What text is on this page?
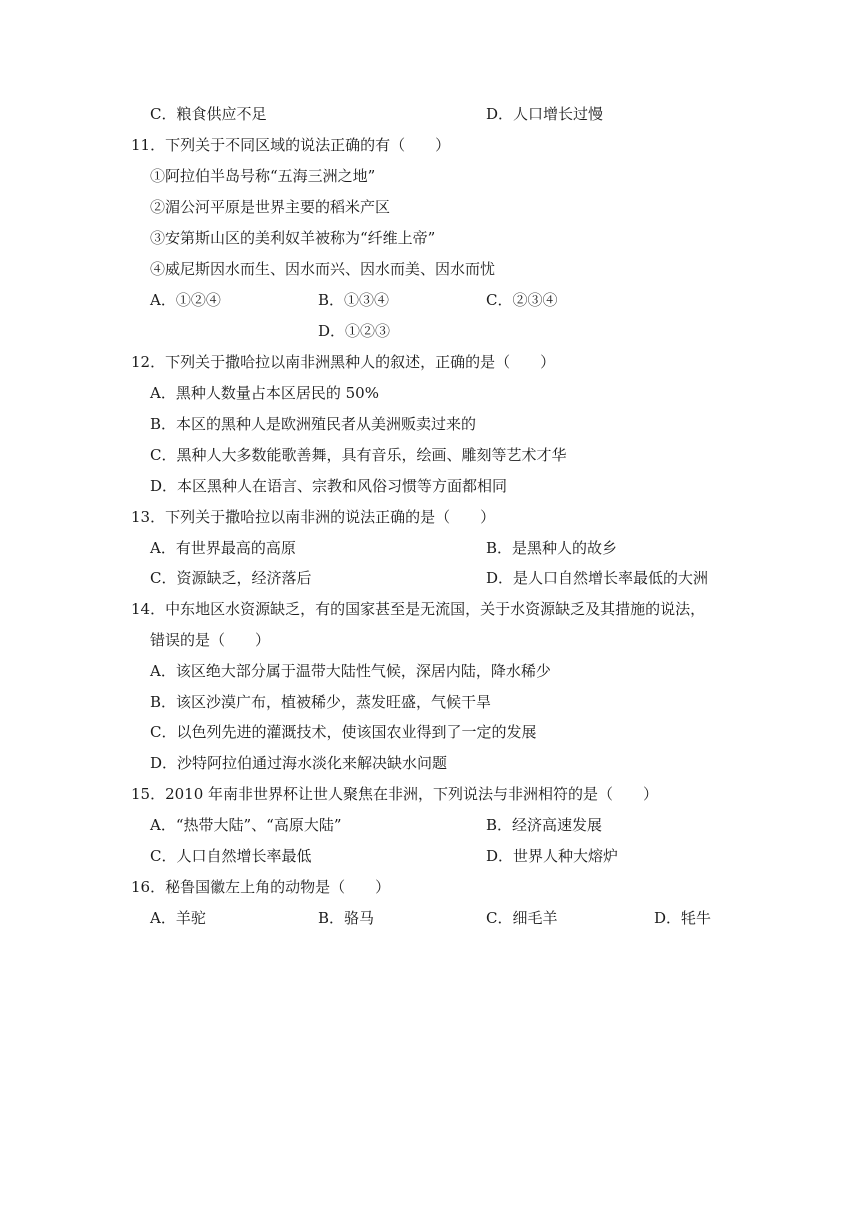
C．粮食供应不足	D．人口增长过慢
11．下列关于不同区域的说法正确的有（　　）
①阿拉伯半岛号称“五海三洲之地”
②湄公河平原是世界主要的稻米产区
③安第斯山区的美利奴羊被称为“纤维上帝”
④威尼斯因水而生、因水而兴、因水而美、因水而忧
A．①②④	B．①③④	C．②③④
D．①②③
12．下列关于撒哈拉以南非洲黑种人的叙述，正确的是（　　）
A．黑种人数量占本区居民的 50%
B．本区的黑种人是欧洲殖民者从美洲贩卖过来的
C．黑种人大多数能歌善舞，具有音乐，绘画、雕刻等艺术才华
D．本区黑种人在语言、宗教和风俗习惯等方面都相同
13．下列关于撒哈拉以南非洲的说法正确的是（　　）
A．有世界最高的高原	B．是黑种人的故乡
C．资源缺乏，经济落后	D．是人口自然增长率最低的大洲
14．中东地区水资源缺乏，有的国家甚至是无流国，关于水资源缺乏及其措施的说法，
错误的是（　　）
A．该区绝大部分属于温带大陆性气候，深居内陆，降水稀少
B．该区沙漠广布，植被稀少，蒸发旺盛，气候干旱
C．以色列先进的灌溉技术，使该国农业得到了一定的发展
D．沙特阿拉伯通过海水淡化来解决缺水问题
15．2010 年南非世界杯让世人聚焦在非洲，下列说法与非洲相符的是（　　）
A．“热带大陆”、“高原大陆”	B．经济高速发展
C．人口自然增长率最低	D．世界人种大熔炉
16．秘鲁国徽左上角的动物是（　　）
A．羊驼	B．骆马	C．细毛羊	D．牦牛
